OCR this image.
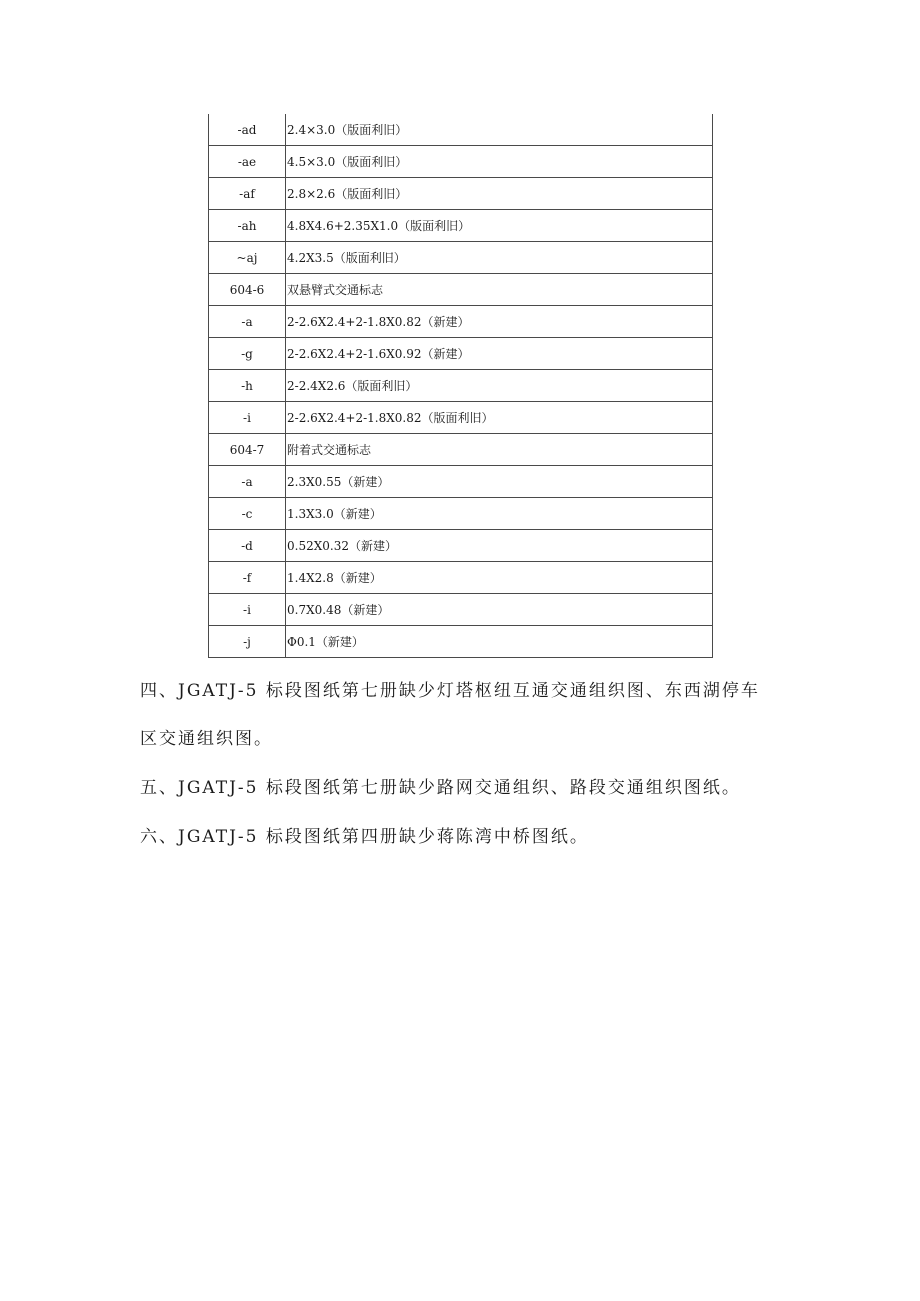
-ad	2.4×3.0（版面利旧）
-ae	4.5×3.0（版面利旧）
-af	2.8×2.6（版面利旧）
-ah	4.8X4.6+2.35X1.0（版面利旧）
~aj	4.2X3.5（版面利旧）
604-6	双悬臂式交通标志
-a	2-2.6X2.4+2-1.8X0.82（新建）
-g	2-2.6X2.4+2-1.6X0.92（新建）
-h	2-2.4X2.6（版面利旧）
-i	2-2.6X2.4+2-1.8X0.82（版面利旧）
604-7	附着式交通标志
-a	2.3X0.55（新建）
-c	1.3X3.0（新建）
-d	0.52X0.32（新建）
-f	1.4X2.8（新建）
-i	0.7X0.48（新建）
-j	Φ0.1（新建）
四、JGATJ-5 标段图纸第七册缺少灯塔枢纽互通交通组织图、东西湖停车
区交通组织图。
五、JGATJ-5 标段图纸第七册缺少路网交通组织、路段交通组织图纸。
六、JGATJ-5 标段图纸第四册缺少蒋陈湾中桥图纸。
